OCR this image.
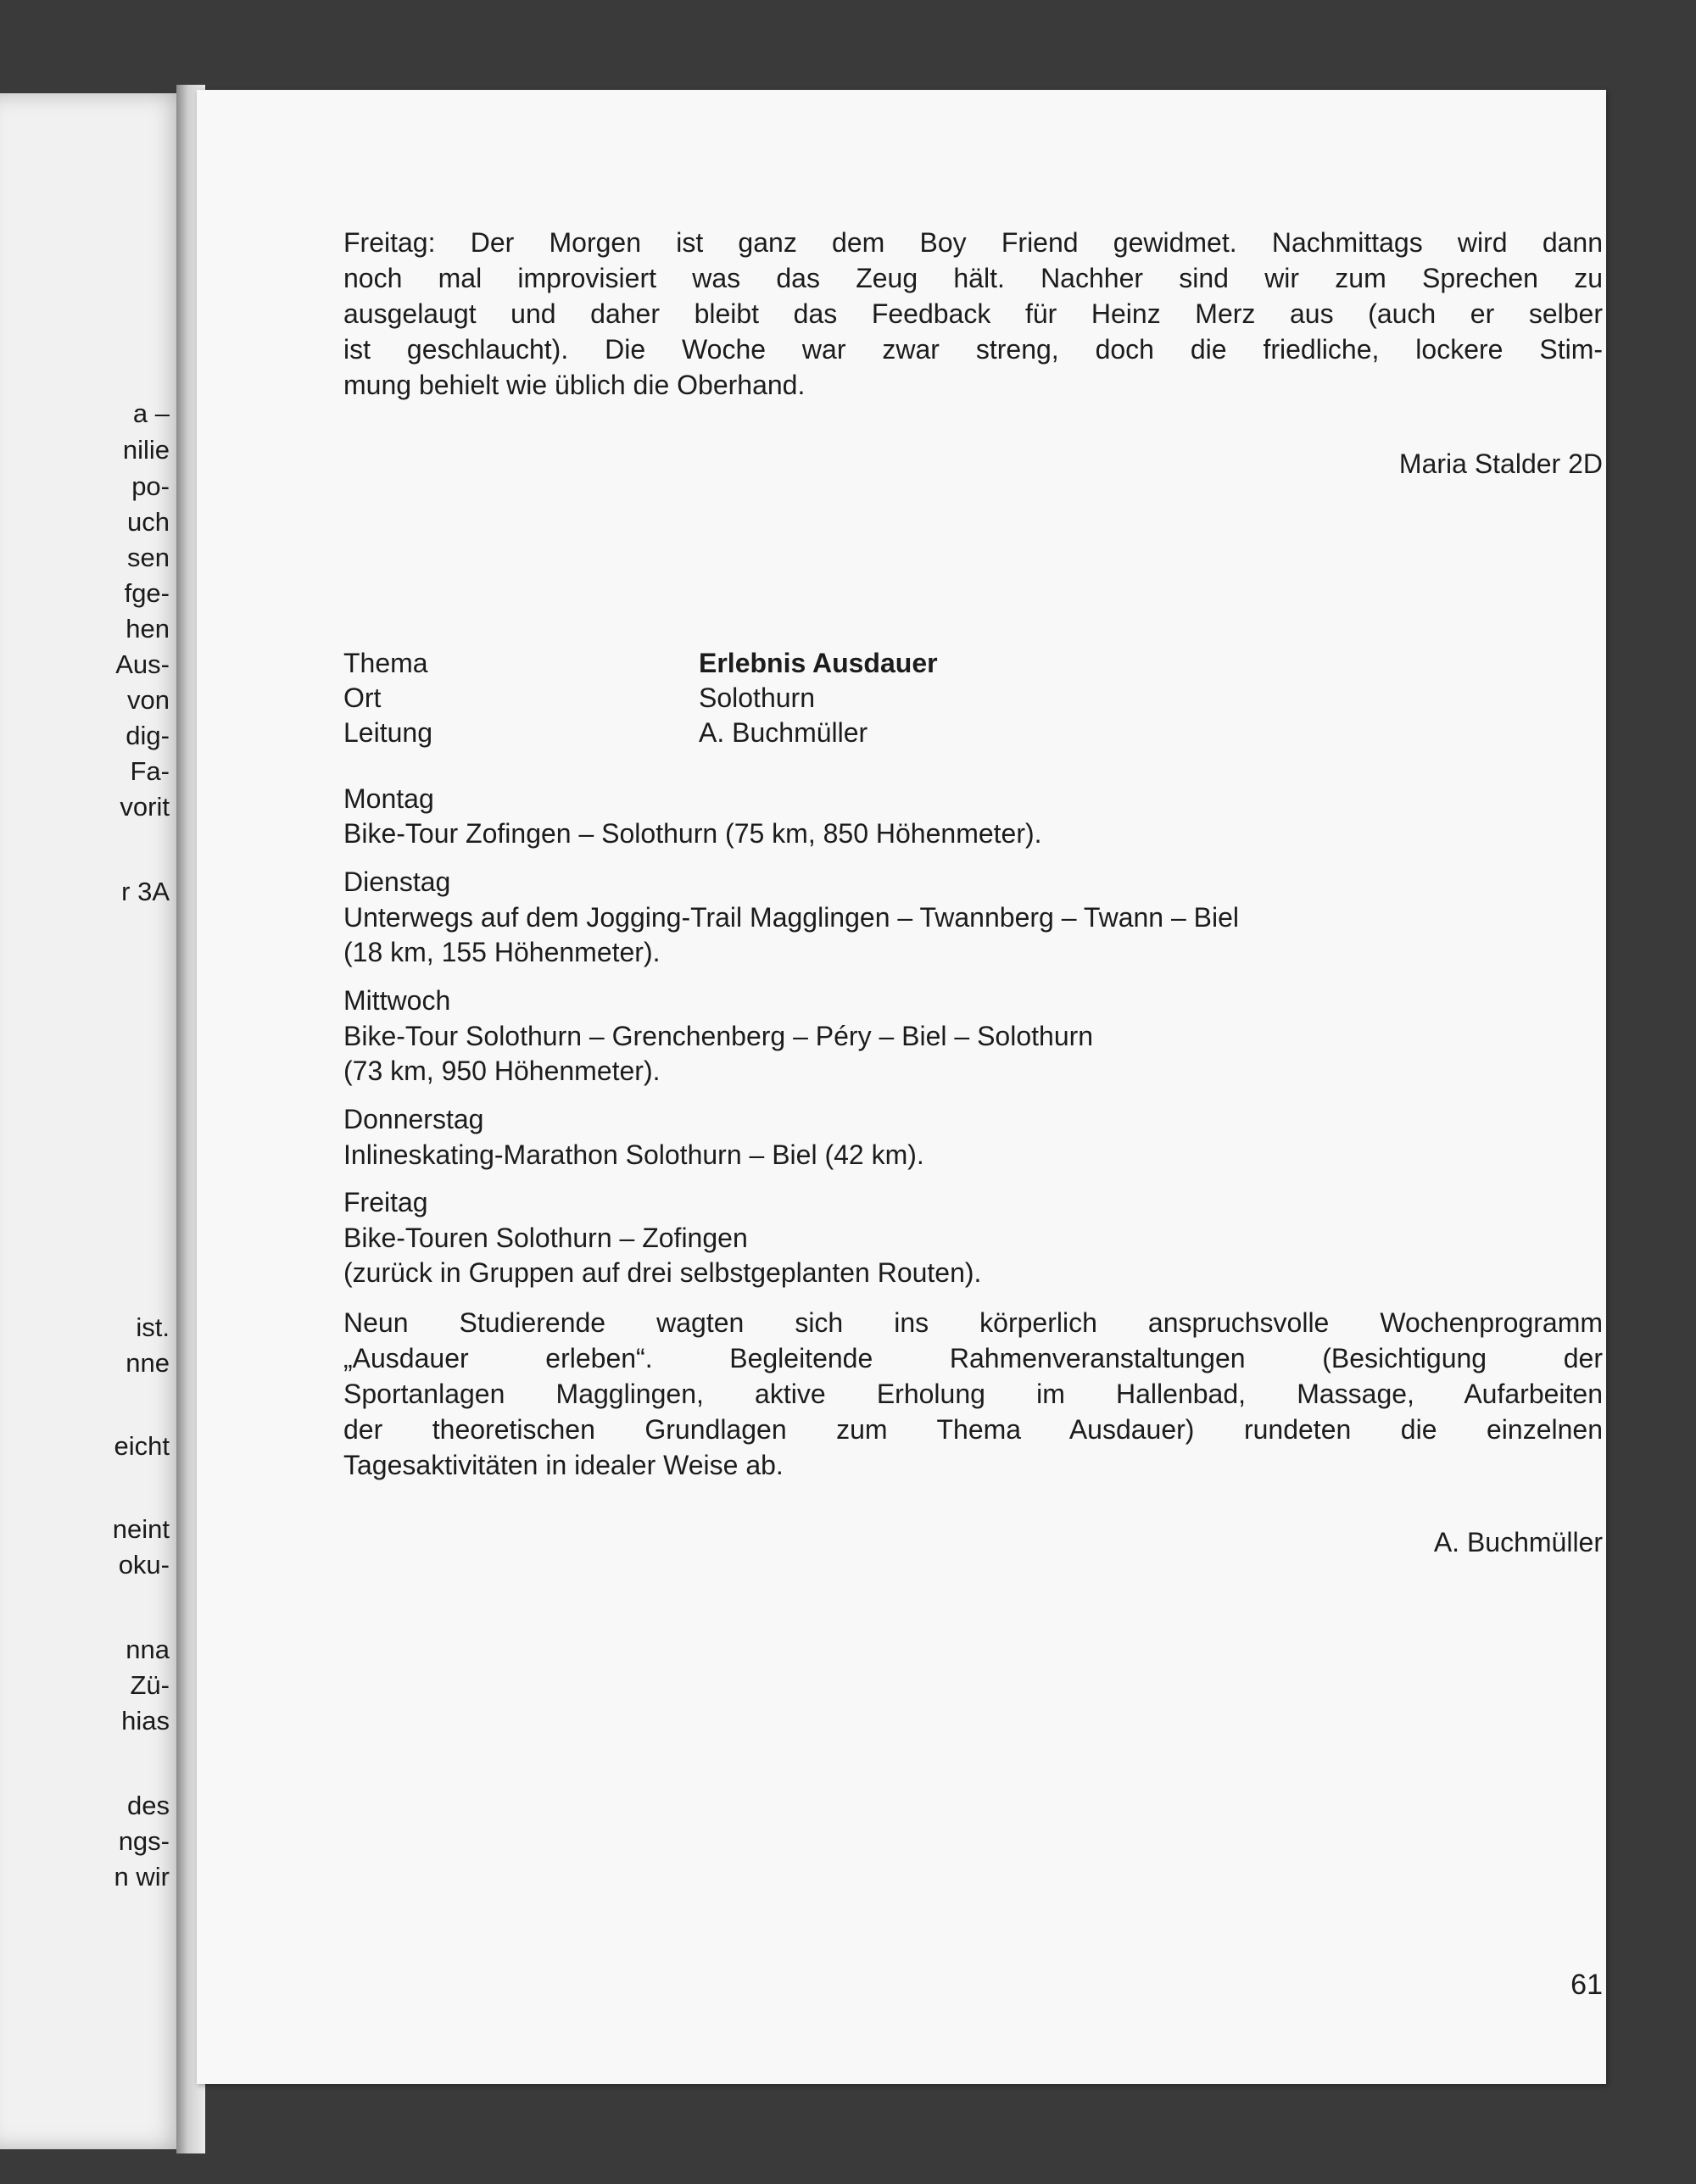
a –
nilie
po-
uch
sen
fge-
hen
Aus-
von
dig-
Fa-
vorit
r 3A
ist.
nne
eicht
neint
oku-
nna
Zü-
hias
des
ngs-
n wir
Freitag: Der Morgen ist ganz dem Boy Friend gewidmet. Nachmittags wird dann
noch mal improvisiert was das Zeug hält. Nachher sind wir zum Sprechen zu
ausgelaugt und daher bleibt das Feedback für Heinz Merz aus (auch er selber
ist geschlaucht). Die Woche war zwar streng, doch die friedliche, lockere Stim-
mung behielt wie üblich die Oberhand.
Maria Stalder 2D
Thema	Erlebnis Ausdauer
Ort	Solothurn
Leitung	A. Buchmüller
Montag
Bike-Tour Zofingen – Solothurn (75 km, 850 Höhenmeter).
Dienstag
Unterwegs auf dem Jogging-Trail Magglingen – Twannberg – Twann – Biel
(18 km, 155 Höhenmeter).
Mittwoch
Bike-Tour Solothurn – Grenchenberg – Péry – Biel – Solothurn
(73 km, 950 Höhenmeter).
Donnerstag
Inlineskating-Marathon Solothurn – Biel (42 km).
Freitag
Bike-Touren Solothurn – Zofingen
(zurück in Gruppen auf drei selbstgeplanten Routen).
Neun Studierende wagten sich ins körperlich anspruchsvolle Wochenprogramm
„Ausdauer erleben“. Begleitende Rahmenveranstaltungen (Besichtigung der
Sportanlagen Magglingen, aktive Erholung im Hallenbad, Massage, Aufarbeiten
der theoretischen Grundlagen zum Thema Ausdauer) rundeten die einzelnen
Tagesaktivitäten in idealer Weise ab.
A. Buchmüller
61
